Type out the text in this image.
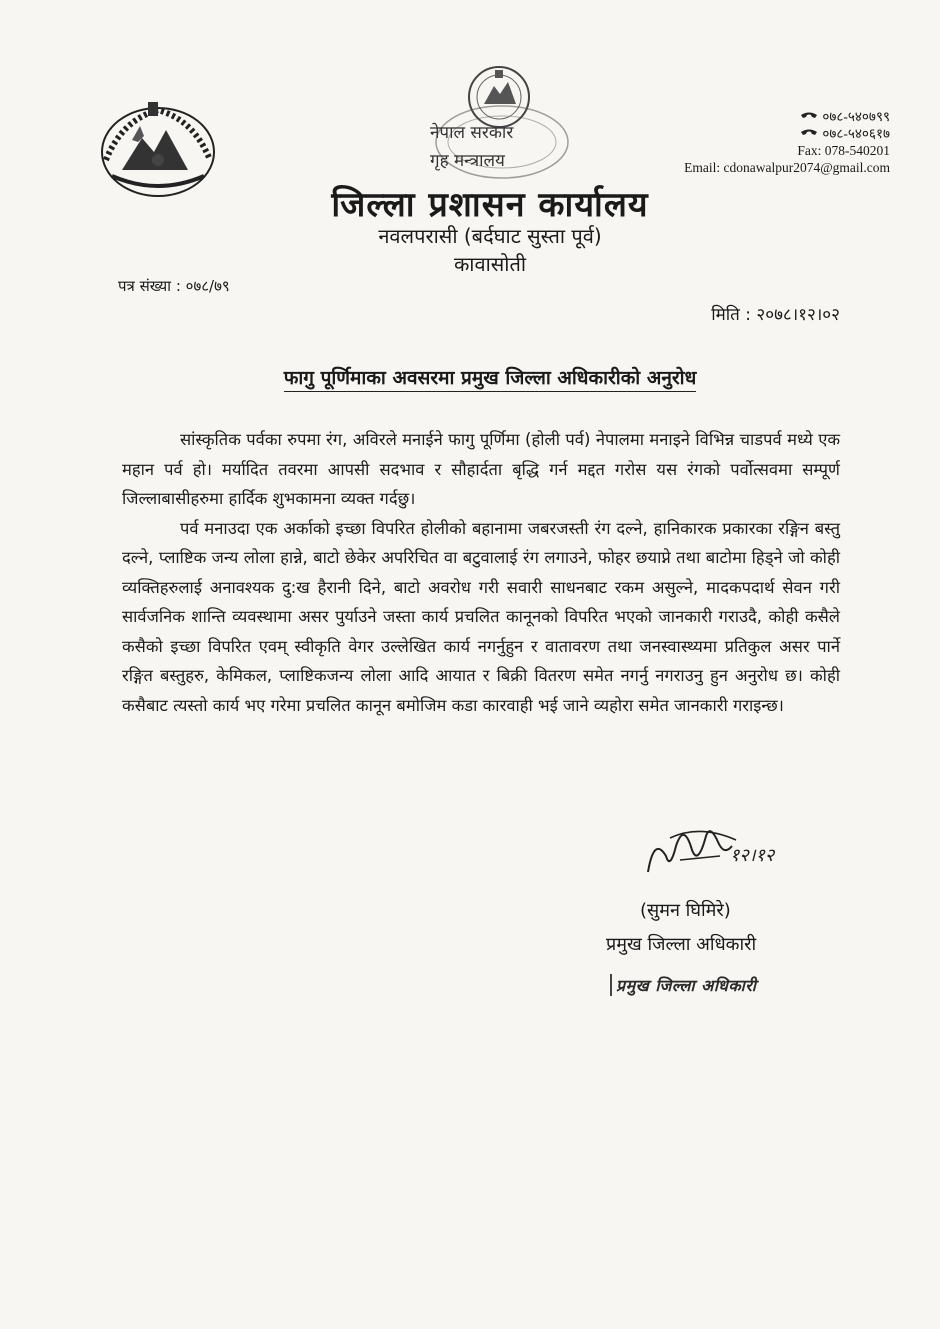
नेपाल सरकार
गृह मन्त्रालय
जिल्ला प्रशासन कार्यालय
नवलपरासी (बर्दघाट सुस्ता पूर्व)
कावासोती
०७८-५४०७९९
०७८-५४०६१७
Fax: 078-540201
Email: cdonawalpur2074@gmail.com
पत्र संख्या : ०७८/७९
मिति : २०७८।१२।०२
फागु पूर्णिमाका अवसरमा प्रमुख जिल्ला अधिकारीको अनुरोध

सांस्कृतिक पर्वका रुपमा रंग, अविरले मनाईने फागु पूर्णिमा (होली पर्व) नेपालमा मनाइने विभिन्न चाडपर्व मध्ये एक महान पर्व हो। मर्यादित तवरमा आपसी सदभाव र सौहार्दता बृद्धि गर्न मद्दत गरोस यस रंगको पर्वोत्सवमा सम्पूर्ण जिल्लाबासीहरुमा हार्दिक शुभकामना व्यक्त गर्दछु।

पर्व मनाउदा एक अर्काको इच्छा विपरित होलीको बहानामा जबरजस्ती रंग दल्ने, हानिकारक प्रकारका रङ्गिन बस्तु दल्ने, प्लाष्टिक जन्य लोला हान्ने, बाटो छेकेर अपरिचित वा बटुवालाई रंग लगाउने, फोहर छयाप्ने तथा बाटोमा हिड्ने जो कोही व्यक्तिहरुलाई अनावश्यक दु:ख हैरानी दिने, बाटो अवरोध गरी सवारी साधनबाट रकम असुल्ने, मादकपदार्थ सेवन गरी सार्वजनिक शान्ति व्यवस्थामा असर पुर्याउने जस्ता कार्य प्रचलित कानूनको विपरित भएको जानकारी गराउदै, कोही कसैले कसैको इच्छा विपरित एवम् स्वीकृति वेगर उल्लेखित कार्य नगर्नुहुन र वातावरण तथा जनस्वास्थ्यमा प्रतिकुल असर पार्ने रङ्गित बस्तुहरु, केमिकल, प्लाष्टिकजन्य लोला आदि आयात र बिक्री वितरण समेत नगर्नु नगराउनु हुन अनुरोध छ। कोही कसैबाट त्यस्तो कार्य भए गरेमा प्रचलित कानून बमोजिम कडा कारवाही भई जाने व्यहोरा समेत जानकारी गराइन्छ।

१२।१२
(सुमन घिमिरे)
प्रमुख जिल्ला अधिकारी
प्रमुख जिल्ला अधिकारी
